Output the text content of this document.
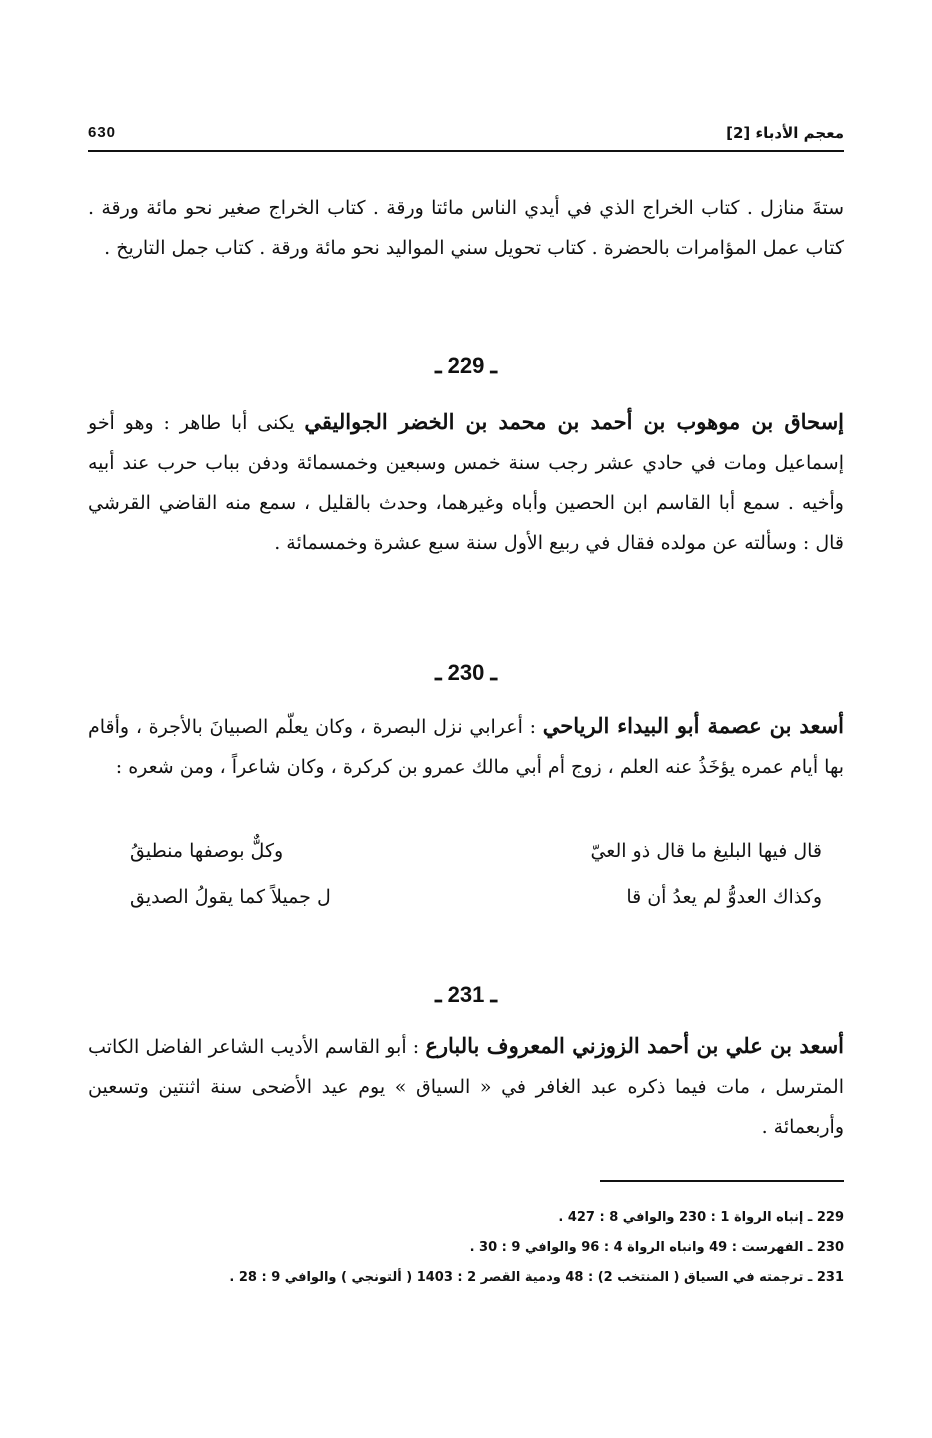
معجم الأدباء [2]
630
ستةَ منازل . كتاب الخراج الذي في أيدي الناس مائتا ورقة . كتاب الخراج صغير نحو مائة ورقة . كتاب عمل المؤامرات بالحضرة . كتاب تحويل سني المواليد نحو مائة ورقة . كتاب جمل التاريخ .
ـ 229 ـ
إسحاق بن موهوب بن أحمد بن محمد بن الخضر الجواليقي يكنى أبا طاهر : وهو أخو إسماعيل ومات في حادي عشر رجب سنة خمس وسبعين وخمسمائة ودفن بباب حرب عند أبيه وأخيه . سمع أبا القاسم ابن الحصين وأباه وغيرهما، وحدث بالقليل ، سمع منه القاضي القرشي قال : وسألته عن مولده فقال في ربيع الأول سنة سبع عشرة وخمسمائة .
ـ 230 ـ
أسعد بن عصمة أبو البيداء الرياحي : أعرابي نزل البصرة ، وكان يعلّم الصبيانَ بالأجرة ، وأقام بها أيام عمره يؤخَذُ عنه العلم ، زوج أم أبي مالك عمرو بن كركرة ، وكان شاعراً ، ومن شعره :
قال فيها البليغ ما قال ذو العيّ
وكلٌّ بوصفها منطيقُ
وكذاك العدوُّ لم يعدُ أن قا
ل جميلاً كما يقولُ الصديق
ـ 231 ـ
أسعد بن علي بن أحمد الزوزني المعروف بالبارع : أبو القاسم الأديب الشاعر الفاضل الكاتب المترسل ، مات فيما ذكره عبد الغافر في « السياق » يوم عيد الأضحى سنة اثنتين وتسعين وأربعمائة .
229 ـ إنباه الرواة 1 : 230 والوافي 8 : 427 .
230 ـ الفهرست : 49 وانباه الرواة 4 : 96 والوافي 9 : 30 .
231 ـ ترجمته في السياق ( المنتخب 2) : 48 ودمية القصر 2 : 1403 ( ألتونجي ) والوافي 9 : 28 .
